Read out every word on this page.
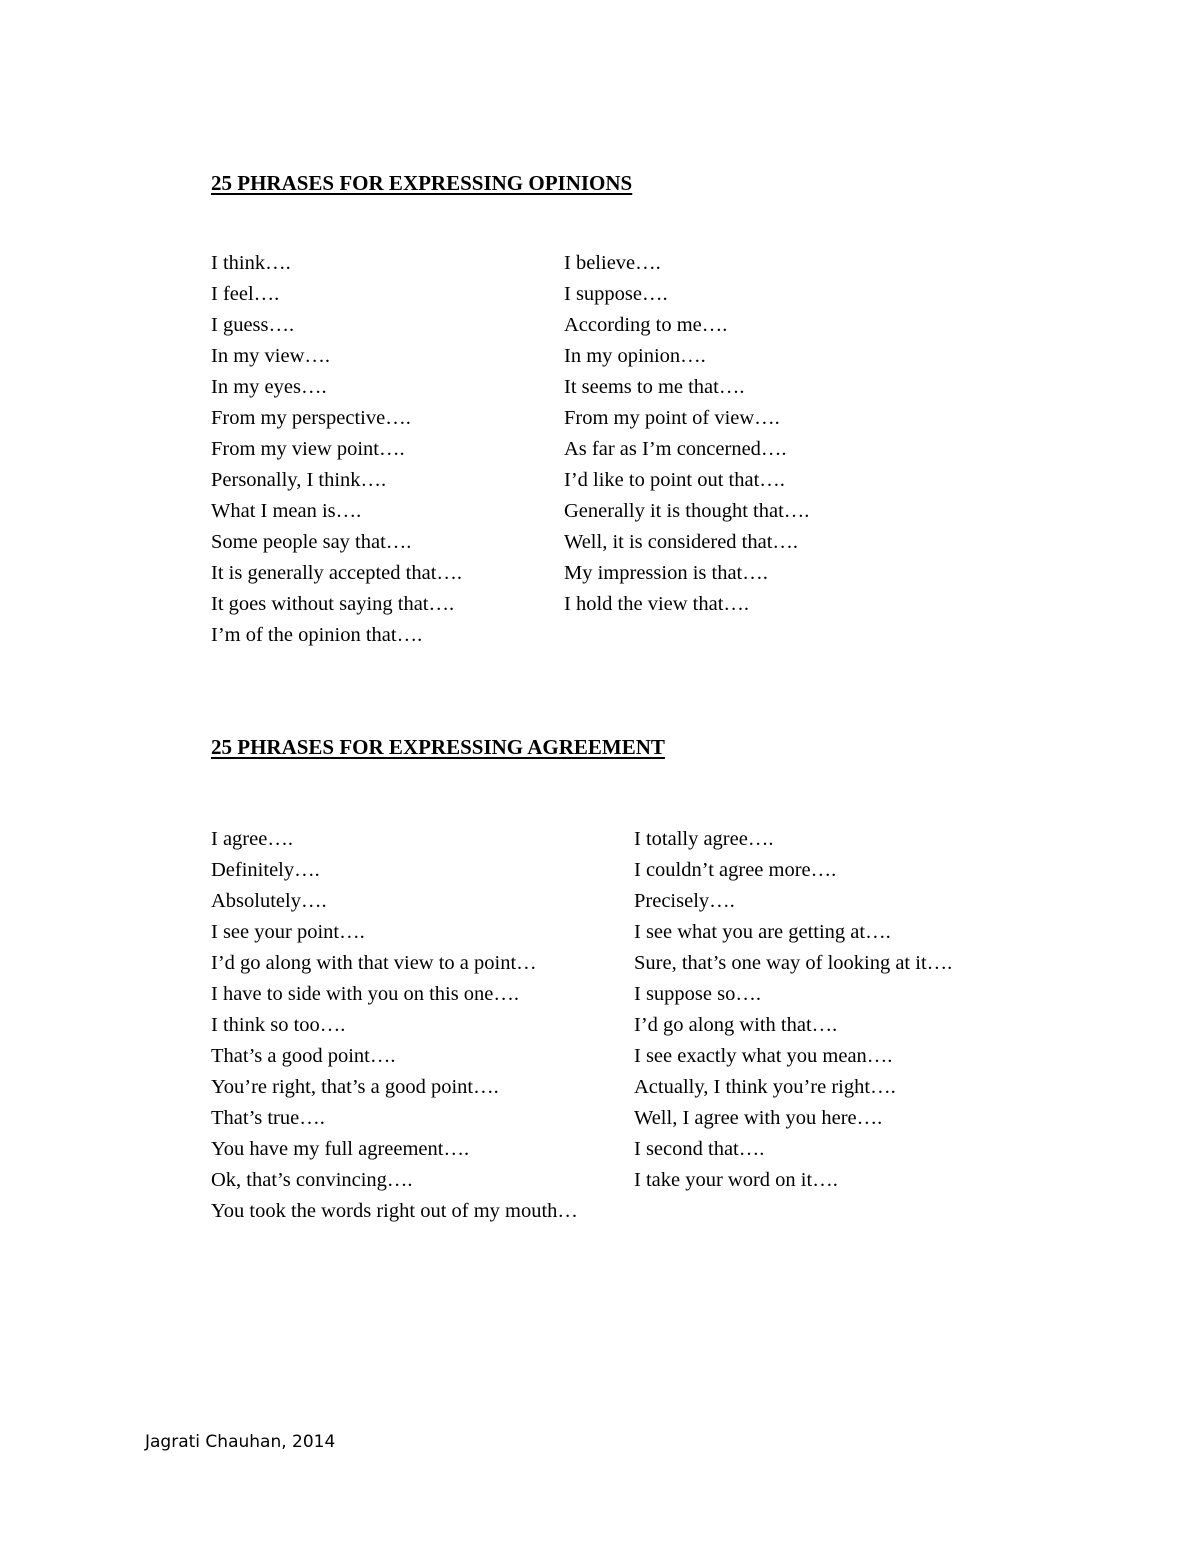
25 PHRASES FOR EXPRESSING OPINIONS
I think….
I feel….
I guess….
In my view….
In my eyes….
From my perspective….
From my view point….
Personally, I think….
What I mean is….
Some people say that….
It is generally accepted that….
It goes without saying that….
I’m of the opinion that….
I believe….
I suppose….
According to me….
In my opinion….
It seems to me that….
From my point of view….
As far as I’m concerned….
I’d like to point out that….
Generally it is thought that….
Well, it is considered that….
My impression is that….
I hold the view that….
25 PHRASES FOR EXPRESSING AGREEMENT
I agree….
Definitely….
Absolutely….
I see your point….
I’d go along with that view to a point…
I have to side with you on this one….
I think so too….
That’s a good point….
You’re right, that’s a good point….
That’s true….
You have my full agreement….
Ok, that’s convincing….
You took the words right out of my mouth…
I totally agree….
I couldn’t agree more….
Precisely….
I see what you are getting at….
Sure, that’s one way of looking at it….
I suppose so….
I’d go along with that….
I see exactly what you mean….
Actually, I think you’re right….
Well, I agree with you here….
I second that….
I take your word on it….
Jagrati Chauhan, 2014
